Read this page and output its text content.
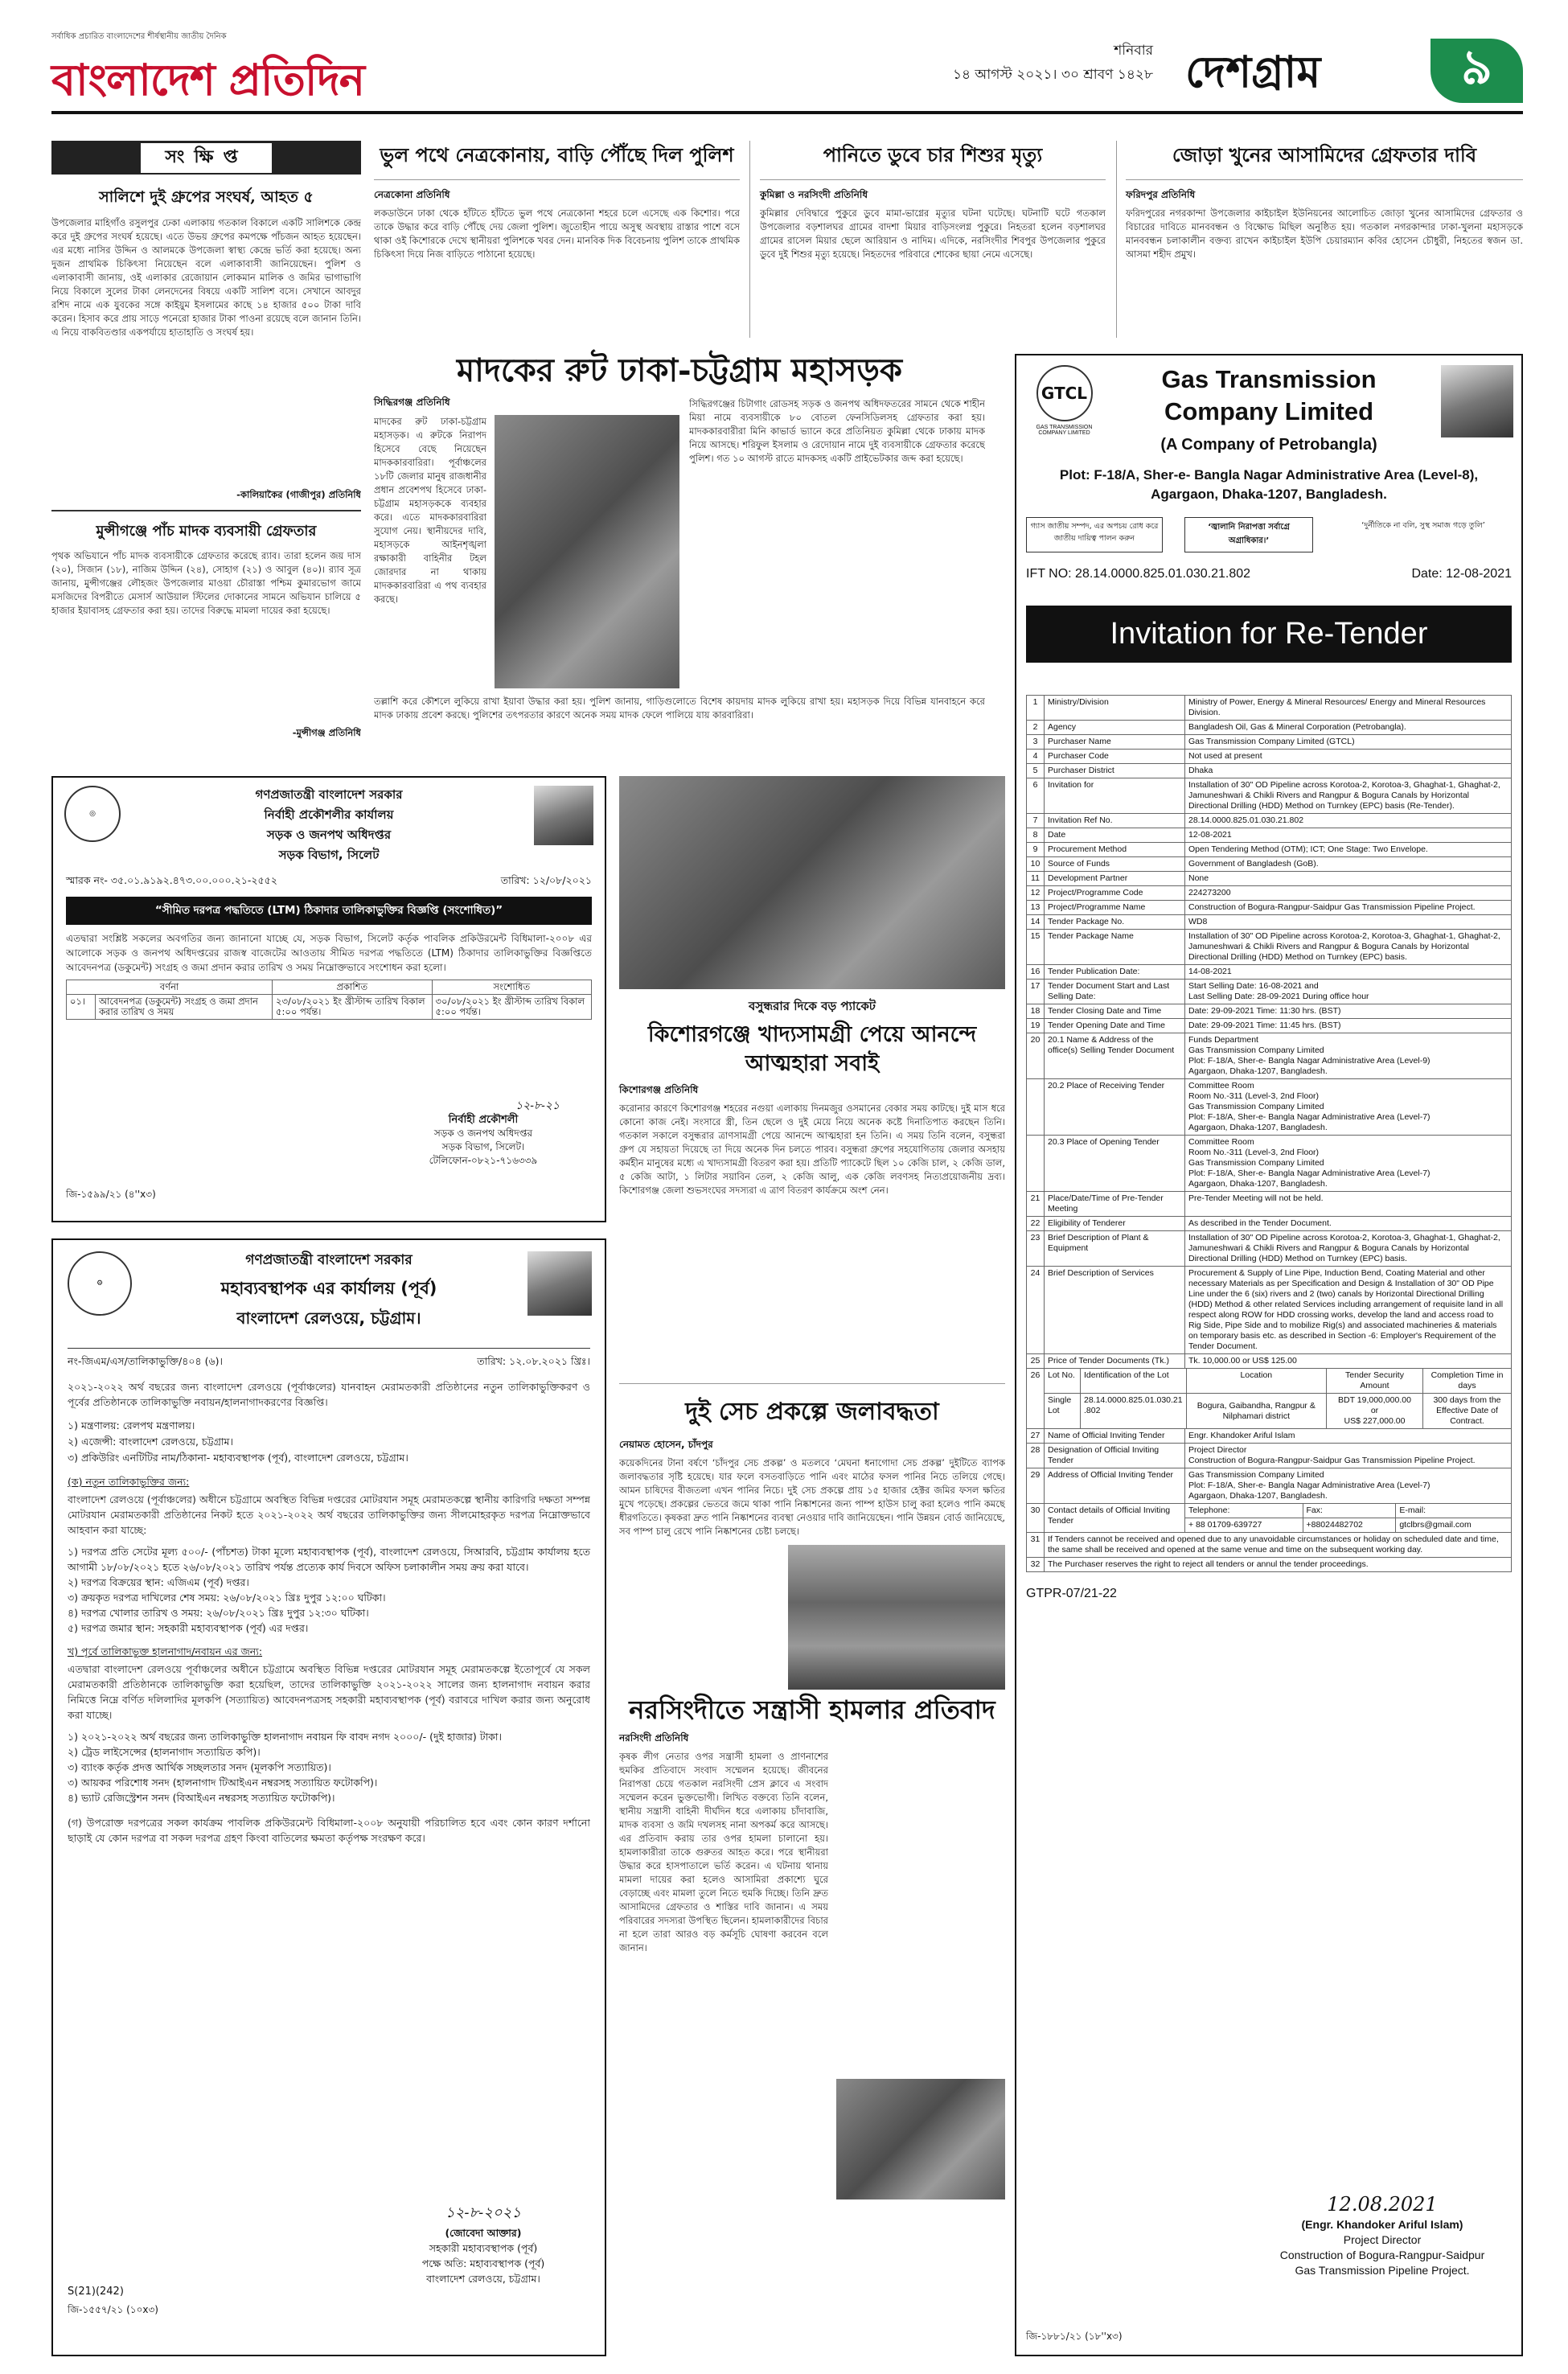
সর্বাধিক প্রচারিত বাংলাদেশের শীর্ষস্থানীয় জাতীয় দৈনিক
বাংলাদেশ প্রতিদিন
শনিবার
১৪ আগস্ট ২০২১। ৩০ শ্রাবণ ১৪২৮ দেশগ্রাম	৯
সংক্ষিপ্ত
সালিশে দুই গ্রুপের সংঘর্ষ, আহত ৫
উপজেলার মাহিগাঁও রসুলপুর ঢেকা এলাকায় গতকাল বিকালে একটি সালিশকে কেন্দ্র করে দুই গ্রুপের সংঘর্ষ হয়েছে। এতে উভয় গ্রুপের কমপক্ষে পাঁচজন আহত হয়েছেন। এর মধ্যে নাসির উদ্দিন ও আলমকে উপজেলা স্বাস্থ্য কেন্দ্রে ভর্তি করা হয়েছে। অন্য দুজন প্রাথমিক চিকিৎসা নিয়েছেন বলে এলাকাবাসী জানিয়েছেন। পুলিশ ও এলাকাবাসী জানায়, ওই এলাকার রেজোয়ান লোকমান মালিক ও জমির ভাগাভাগি নিয়ে বিকালে সুলের টাকা লেনদেনের বিষয়ে একটি সালিশ বসে। সেখানে আবদুর রশিদ নামে এক যুবকের সঙ্গে কাইয়ুম ইসলামের কাছে ১৪ হাজার ৫০০ টাকা দাবি করেন। হিসাব করে প্রায় সাড়ে পনেরো হাজার টাকা পাওনা রয়েছে বলে জানান তিনি। এ নিয়ে বাকবিতণ্ডার একপর্যায়ে হাতাহাতি ও সংঘর্ষ হয়।
-কালিয়াকৈর (গাজীপুর) প্রতিনিধি
মুন্সীগঞ্জে পাঁচ মাদক ব্যবসায়ী গ্রেফতার
পৃথক অভিযানে পাঁচ মাদক ব্যবসায়ীকে গ্রেফতার করেছে র‌্যাব। তারা হলেন জয় দাস (২০), সিজান (১৮), নাজিম উদ্দিন (২৪), সোহাগ (২১) ও আবুল (৪০)। র‌্যাব সূত্র জানায়, মুন্সীগঞ্জের লৌহজং উপজেলার মাওয়া চৌরাস্তা পশ্চিম কুমারভোগ জামে মসজিদের বিপরীতে মেসার্স আউয়াল স্টিলের দোকানের সামনে অভিযান চালিয়ে ৫ হাজার ইয়াবাসহ গ্রেফতার করা হয়। তাদের বিরুদ্ধে মামলা দায়ের করা হয়েছে।
-মুন্সীগঞ্জ প্রতিনিধি
ভুল পথে নেত্রকোনায়, বাড়ি পৌঁছে দিল পুলিশ
নেত্রকোনা প্রতিনিধি
লকডাউনে ঢাকা থেকে হাঁটতে হাঁটতে ভুল পথে নেত্রকোনা শহরে চলে এসেছে এক কিশোর। পরে তাকে উদ্ধার করে বাড়ি পৌঁছে দেয় জেলা পুলিশ। জুতোহীন পায়ে অসুস্থ অবস্থায় রাস্তার পাশে বসে থাকা ওই কিশোরকে দেখে স্থানীয়রা পুলিশকে খবর দেন। মানবিক দিক বিবেচনায় পুলিশ তাকে প্রাথমিক চিকিৎসা দিয়ে নিজ বাড়িতে পাঠানো হয়েছে।
পানিতে ডুবে চার শিশুর মৃত্যু
কুমিল্লা ও নরসিংদী প্রতিনিধি
কুমিল্লার দেবিদ্বারে পুকুরে ডুবে মামা-ভাগ্নের মৃত্যুর ঘটনা ঘটেছে। ঘটনাটি ঘটে গতকাল উপজেলার বড়শালঘর গ্রামের বাদশা মিয়ার বাড়িসংলগ্ন পুকুরে। নিহতরা হলেন বড়শালঘর গ্রামের রাসেল মিয়ার ছেলে আরিয়ান ও নাদিম। এদিকে, নরসিংদীর শিবপুর উপজেলার পুকুরে ডুবে দুই শিশুর মৃত্যু হয়েছে। নিহতদের পরিবারে শোকের ছায়া নেমে এসেছে।
জোড়া খুনের আসামিদের গ্রেফতার দাবি
ফরিদপুর প্রতিনিধি
ফরিদপুরের নগরকান্দা উপজেলার কাইচাইল ইউনিয়নের আলোচিত জোড়া খুনের আসামিদের গ্রেফতার ও বিচারের দাবিতে মানববন্ধন ও বিক্ষোভ মিছিল অনুষ্ঠিত হয়। গতকাল নগরকান্দার ঢাকা-খুলনা মহাসড়কে মানববন্ধন চলাকালীন বক্তব্য রাখেন কাইচাইল ইউপি চেয়ারম্যান কবির হোসেন চৌধুরী, নিহতের স্বজন ডা. আসমা শহীদ প্রমুখ।
মাদকের রুট ঢাকা-চট্টগ্রাম মহাসড়ক
সিদ্ধিরগঞ্জ প্রতিনিধি
মাদকের রুট ঢাকা-চট্টগ্রাম মহাসড়ক। এ রুটকে নিরাপদ হিসেবে বেছে নিয়েছেন মাদককারবারিরা। পূর্বাঞ্চলের ১৮টি জেলার মানুষ রাজধানীর প্রধান প্রবেশপথ হিসেবে ঢাকা-চট্টগ্রাম মহাসড়ককে ব্যবহার করে। এতে মাদককারবারিরা সুযোগ নেয়। স্থানীয়দের দাবি, মহাসড়কে আইনশৃঙ্খলা রক্ষাকারী বাহিনীর টহল জোরদার না থাকায় মাদককারবারিরা এ পথ ব্যবহার করছে।
সিদ্ধিরগঞ্জের চিটাগাং রোডসহ সড়ক ও জনপথ অধিদফতরের সামনে থেকে শাহীন মিয়া নামে ব্যবসায়ীকে ৮০ বোতল ফেনসিডিলসহ গ্রেফতার করা হয়। মাদককারবারীরা মিনি কাভার্ড ভ্যানে করে প্রতিনিয়ত কুমিল্লা থেকে ঢাকায় মাদক নিয়ে আসছে। শরিফুল ইসলাম ও রেদোয়ান নামে দুই ব্যবসায়ীকে গ্রেফতার করেছে পুলিশ। গত ১০ আগস্ট রাতে মাদকসহ একটি প্রাইভেটকার জব্দ করা হয়েছে।
তল্লাশি করে কৌশলে লুকিয়ে রাখা ইয়াবা উদ্ধার করা হয়। পুলিশ জানায়, গাড়িগুলোতে বিশেষ কায়দায় মাদক লুকিয়ে রাখা হয়। মহাসড়ক দিয়ে বিভিন্ন যানবাহনে করে মাদক ঢাকায় প্রবেশ করছে। পুলিশের তৎপরতার কারণে অনেক সময় মাদক ফেলে পালিয়ে যায় কারবারিরা।
◎
গণপ্রজাতন্ত্রী বাংলাদেশ সরকার
নির্বাহী প্রকৌশলীর কার্যালয়
সড়ক ও জনপথ অধিদপ্তর
সড়ক বিভাগ, সিলেট
স্মারক নং- ৩৫.০১.৯১৯২.৪৭৩.০০.০০০.২১-২৫৫২	তারিখ: ১২/০৮/২০২১
“সীমিত দরপত্র পদ্ধতিতে (LTM) ঠিকাদার তালিকাভুক্তির বিজ্ঞপ্তি (সংশোধিত)”
এতদ্বারা সংশ্লিষ্ট সকলের অবগতির জন্য জানানো যাচ্ছে যে, সড়ক বিভাগ, সিলেট কর্তৃক পাবলিক প্রকিউরমেন্ট বিধিমালা-২০০৮ এর আলোকে সড়ক ও জনপথ অধিদপ্তরের রাজস্ব বাজেটের আওতায় সীমিত দরপত্র পদ্ধতিতে (LTM) ঠিকাদার তালিকাভুক্তির বিজ্ঞপ্তিতে আবেদনপত্র (ডকুমেন্ট) সংগ্রহ ও জমা প্রদান করার তারিখ ও সময় নিম্নোক্তভাবে সংশোধন করা হলো।
বর্ণনা		প্রকাশিত	সংশোধিত
০১।	আবেদনপত্র (ডকুমেন্ট) সংগ্রহ ও জমা প্রদান করার তারিখ ও সময়	২৩/০৮/২০২১ ইং খ্রীস্টাব্দ তারিখ বিকাল ৫:০০ পর্যন্ত।	৩০/০৮/২০২১ ইং খ্রীস্টাব্দ তারিখ বিকাল ৫:০০ পর্যন্ত।
১২-৮-২১
নির্বাহী প্রকৌশলী
সড়ক ও জনপথ অধিদপ্তর
সড়ক বিভাগ, সিলেট।
টেলিফোন-০৮২১-৭১৬৩৩৯
জি-১৫৯৯/২১ (৪''x৩)
⚙
গণপ্রজাতন্ত্রী বাংলাদেশ সরকার
মহাব্যবস্থাপক এর কার্যালয় (পূর্ব)
বাংলাদেশ রেলওয়ে, চট্টগ্রাম।
নং-জিএম/এস/তালিকাভুক্তি/৪০৪ (৬)।	তারিখ: ১২.০৮.২০২১ খ্রিঃ।
২০২১-২০২২ অর্থ বছরের জন্য বাংলাদেশ রেলওয়ে (পূর্বাঞ্চলের) যানবাহন মেরামতকারী প্রতিষ্ঠানের নতুন তালিকাভুক্তিকরণ ও পূর্বের প্রতিষ্ঠানকে তালিকাভুক্তি নবায়ন/হালনাগাদকরণের বিজ্ঞপ্তি।
১) মন্ত্রণালয়: রেলপথ মন্ত্রণালয়।
২) এজেন্সী: বাংলাদেশ রেলওয়ে, চট্টগ্রাম।
৩) প্রকিউরিং এনটিটির নাম/ঠিকানা- মহাব্যবস্থাপক (পূর্ব), বাংলাদেশ রেলওয়ে, চট্টগ্রাম।
(ক) নতুন তালিকাভুক্তির জন্য:
বাংলাদেশ রেলওয়ে (পূর্বাঞ্চলের) অধীনে চট্টগ্রামে অবস্থিত বিভিন্ন দপ্তরের মোটরযান সমূহ মেরামতকল্পে স্থানীয় কারিগরি দক্ষতা সম্পন্ন মোটরযান মেরামতকারী প্রতিষ্ঠানের নিকট হতে ২০২১-২০২২ অর্থ বছরের তালিকাভুক্তির জন্য সীলমোহরকৃত দরপত্র নিম্নোক্তভাবে আহবান করা যাচ্ছে:
১) দরপত্র প্রতি সেটের মূল্য ৫০০/- (পাঁচশত) টাকা মূল্যে মহাব্যবস্থাপক (পূর্ব), বাংলাদেশ রেলওয়ে, সিআরবি, চট্টগ্রাম কার্যালয় হতে আগামী ১৮/০৮/২০২১ হতে ২৬/০৮/২০২১ তারিখ পর্যন্ত প্রত্যেক কার্য দিবসে অফিস চলাকালীন সময় ক্রয় করা যাবে।
২) দরপত্র বিক্রয়ের স্থান: এজিএম (পূর্ব) দপ্তর।
৩) ক্রয়কৃত দরপত্র দাখিলের শেষ সময়: ২৬/০৮/২০২১ খ্রিঃ দুপুর ১২:০০ ঘটিকা।
৪) দরপত্র খোলার তারিখ ও সময়: ২৬/০৮/২০২১ খ্রিঃ দুপুর ১২:৩০ ঘটিকা।
৫) দরপত্র জমার স্থান: সহকারী মহাব্যবস্থাপক (পূর্ব) এর দপ্তর।
খ) পূর্বে তালিকাভুক্ত হালনাগাদ/নবায়ন এর জন্য:
এতদ্বারা বাংলাদেশ রেলওয়ে পূর্বাঞ্চলের অধীনে চট্টগ্রামে অবস্থিত বিভিন্ন দপ্তরের মোটরযান সমূহ মেরামতকল্পে ইতোপূর্বে যে সকল মেরামতকারী প্রতিষ্ঠানকে তালিকাভুক্তি করা হয়েছিল, তাদের তালিকাভুক্তি ২০২১-২০২২ সালের জন্য হালনাগাদ নবায়ন করার নিমিত্তে নিম্নে বর্ণিত দলিলাদির মূলকপি (সত্যায়িত) আবেদনপত্রসহ সহকারী মহাব্যবস্থাপক (পূর্ব) বরাবরে দাখিল করার জন্য অনুরোধ করা যাচ্ছে।
১) ২০২১-২০২২ অর্থ বছরের জন্য তালিকাভুক্তি হালনাগাদ নবায়ন ফি বাবদ নগদ ২০০০/- (দুই হাজার) টাকা।
২) ট্রেড লাইসেন্সের (হালনাগাদ সত্যায়িত কপি)।
৩) ব্যাংক কর্তৃক প্রদত্ত আর্থিক সচ্ছলতার সনদ (মূলকপি সত্যায়িত)।
৩) আয়কর পরিশোধ সনদ (হালনাগাদ টিআইএন নম্বরসহ সত্যায়িত ফটোকপি)।
৪) ভ্যাট রেজিস্ট্রেশন সনদ (বিআইএন নম্বরসহ সত্যায়িত ফটোকপি)।
(গ) উপরোক্ত দরপত্রের সকল কার্যক্রম পাবলিক প্রকিউরমেন্ট বিধিমালা-২০০৮ অনুযায়ী পরিচালিত হবে এবং কোন কারণ দর্শানো ছাড়াই যে কোন দরপত্র বা সকল দরপত্র গ্রহণ কিংবা বাতিলের ক্ষমতা কর্তৃপক্ষ সংরক্ষণ করে।
S(21)(242)
জি-১৫৫৭/২১ (১০x৩)
১২-৮-২০২১
(জোবেদা আক্তার)
সহকারী মহাব্যবস্থাপক (পূর্ব)
পক্ষে অতি: মহাব্যবস্থাপক (পূর্ব)
বাংলাদেশ রেলওয়ে, চট্টগ্রাম।
বসুন্ধরার দিকে বড় প্যাকেট
কিশোরগঞ্জে খাদ্যসামগ্রী পেয়ে আনন্দে আত্মহারা সবাই
কিশোরগঞ্জ প্রতিনিধি
করোনার কারণে কিশোরগঞ্জ শহরের নগুয়া এলাকায় দিনমজুর ওসমানের বেকার সময় কাটছে। দুই মাস ধরে কোনো কাজ নেই। সংসারে স্ত্রী, তিন ছেলে ও দুই মেয়ে নিয়ে অনেক কষ্টে দিনাতিপাত করছেন তিনি। গতকাল সকালে বসুন্ধরার ত্রাণসামগ্রী পেয়ে আনন্দে আত্মহারা হন তিনি। এ সময় তিনি বলেন, বসুন্ধরা গ্রুপ যে সহায়তা দিয়েছে তা দিয়ে অনেক দিন চলতে পারব। বসুন্ধরা গ্রুপের সহযোগিতায় জেলার অসহায় কর্মহীন মানুষের মধ্যে এ খাদ্যসামগ্রী বিতরণ করা হয়। প্রতিটি প্যাকেটে ছিল ১০ কেজি চাল, ২ কেজি ডাল, ৫ কেজি আটা, ১ লিটার সয়াবিন তেল, ২ কেজি আলু, এক কেজি লবণসহ নিত্যপ্রয়োজনীয় দ্রব্য। কিশোরগঞ্জ জেলা শুভসংঘের সদস্যরা এ ত্রাণ বিতরণ কার্যক্রমে অংশ নেন।
দুই সেচ প্রকল্পে জলাবদ্ধতা
নেয়ামত হোসেন, চাঁদপুর
কয়েকদিনের টানা বর্ষণে ‘চাঁদপুর সেচ প্রকল্প’ ও মতলবে ‘মেঘনা ধনাগোদা সেচ প্রকল্প’ দুইটিতে ব্যাপক জলাবদ্ধতার সৃষ্টি হয়েছে। যার ফলে বসতবাড়িতে পানি এবং মাঠের ফসল পানির নিচে তলিয়ে গেছে। আমন চাষিদের বীজতলা এখন পানির নিচে। দুই সেচ প্রকল্পে প্রায় ১৫ হাজার হেক্টর জমির ফসল ক্ষতির মুখে পড়েছে। প্রকল্পের ভেতরে জমে থাকা পানি নিষ্কাশনের জন্য পাম্প হাউস চালু করা হলেও পানি কমছে ধীরগতিতে। কৃষকরা দ্রুত পানি নিষ্কাশনের ব্যবস্থা নেওয়ার দাবি জানিয়েছেন। পানি উন্নয়ন বোর্ড জানিয়েছে, সব পাম্প চালু রেখে পানি নিষ্কাশনের চেষ্টা চলছে।
নরসিংদীতে সন্ত্রাসী হামলার প্রতিবাদ
নরসিংদী প্রতিনিধি
কৃষক লীগ নেতার ওপর সন্ত্রাসী হামলা ও প্রাণনাশের হুমকির প্রতিবাদে সংবাদ সম্মেলন হয়েছে। জীবনের নিরাপত্তা চেয়ে গতকাল নরসিংদী প্রেস ক্লাবে এ সংবাদ সম্মেলন করেন ভুক্তভোগী। লিখিত বক্তব্যে তিনি বলেন, স্থানীয় সন্ত্রাসী বাহিনী দীর্ঘদিন ধরে এলাকায় চাঁদাবাজি, মাদক ব্যবসা ও জমি দখলসহ নানা অপকর্ম করে আসছে। এর প্রতিবাদ করায় তার ওপর হামলা চালানো হয়। হামলাকারীরা তাকে গুরুতর আহত করে। পরে স্থানীয়রা উদ্ধার করে হাসপাতালে ভর্তি করেন। এ ঘটনায় থানায় মামলা দায়ের করা হলেও আসামিরা প্রকাশ্যে ঘুরে বেড়াচ্ছে এবং মামলা তুলে নিতে হুমকি দিচ্ছে। তিনি দ্রুত আসামিদের গ্রেফতার ও শাস্তির দাবি জানান। এ সময় পরিবারের সদস্যরা উপস্থিত ছিলেন। হামলাকারীদের বিচার না হলে তারা আরও বড় কর্মসূচি ঘোষণা করবেন বলে জানান।
GTCL
GAS TRANSMISSION COMPANY LIMITED
Gas Transmission Company Limited
(A Company of Petrobangla)
Plot: F-18/A, Sher-e- Bangla Nagar Administrative Area (Level-8), Agargaon, Dhaka-1207, Bangladesh.
গ্যাস জাতীয় সম্পদ, এর অপচয় রোধ করে জাতীয় দায়িত্ব পালন করুন
‘জ্বালানি নিরাপত্তা সর্বাগ্রে অগ্রাধিকার।’
‘দুর্নীতিকে না বলি, সুস্থ সমাজ গড়ে তুলি’
IFT NO: 28.14.0000.825.01.030.21.802	Date: 12-08-2021
Invitation for Re-Tender
1	Ministry/Division	Ministry of Power, Energy & Mineral Resources/ Energy and Mineral Resources Division.
2	Agency	Bangladesh Oil, Gas & Mineral Corporation (Petrobangla).
3	Purchaser Name	Gas Transmission Company Limited (GTCL)
4	Purchaser Code	Not used at present
5	Purchaser District	Dhaka
6	Invitation for	Installation of 30" OD Pipeline across Korotoa-2, Korotoa-3, Ghaghat-1, Ghaghat-2, Jamuneshwari & Chikli Rivers and Rangpur & Bogura Canals by Horizontal Directional Drilling (HDD) Method on Turnkey (EPC) basis (Re-Tender).
7	Invitation Ref No.	28.14.0000.825.01.030.21.802
8	Date	12-08-2021
9	Procurement Method	Open Tendering Method (OTM); ICT; One Stage: Two Envelope.
10	Source of Funds	Government of Bangladesh (GoB).
11	Development Partner	None
12	Project/Programme Code	224273200
13	Project/Programme Name	Construction of Bogura-Rangpur-Saidpur Gas Transmission Pipeline Project.
14	Tender Package No.	WD8
15	Tender Package Name	Installation of 30" OD Pipeline across Korotoa-2, Korotoa-3, Ghaghat-1, Ghaghat-2, Jamuneshwari & Chikli Rivers and Rangpur & Bogura Canals by Horizontal Directional Drilling (HDD) Method on Turnkey (EPC) basis.
16	Tender Publication Date:	14-08-2021
17	Tender Document Start and Last Selling Date:	Start Selling Date: 16-08-2021 and
Last Selling Date: 28-09-2021 During office hour
18	Tender Closing Date and Time	Date: 29-09-2021 Time: 11:30 hrs. (BST)
19	Tender Opening Date and Time	Date: 29-09-2021 Time: 11:45 hrs. (BST)
20	20.1 Name & Address of the office(s) Selling Tender Document	Funds Department
Gas Transmission Company Limited
Plot: F-18/A, Sher-e- Bangla Nagar Administrative Area (Level-9)
Agargaon, Dhaka-1207, Bangladesh.
	20.2 Place of Receiving Tender	Committee Room
Room No.-311 (Level-3, 2nd Floor)
Gas Transmission Company Limited
Plot: F-18/A, Sher-e- Bangla Nagar Administrative Area (Level-7)
Agargaon, Dhaka-1207, Bangladesh.
	20.3 Place of Opening Tender	Committee Room
Room No.-311 (Level-3, 2nd Floor)
Gas Transmission Company Limited
Plot: F-18/A, Sher-e- Bangla Nagar Administrative Area (Level-7)
Agargaon, Dhaka-1207, Bangladesh.
21	Place/Date/Time of Pre-Tender Meeting	Pre-Tender Meeting will not be held.
22	Eligibility of Tenderer	As described in the Tender Document.
23	Brief Description of Plant & Equipment	Installation of 30" OD Pipeline across Korotoa-2, Korotoa-3, Ghaghat-1, Ghaghat-2, Jamuneshwari & Chikli Rivers and Rangpur & Bogura Canals by Horizontal Directional Drilling (HDD) Method on Turnkey (EPC) basis.
24	Brief Description of Services	Procurement & Supply of Line Pipe, Induction Bend, Coating Material and other necessary Materials as per Specification and Design & Installation of 30" OD Pipe Line under the 6 (six) rivers and 2 (two) canals by Horizontal Directional Drilling (HDD) Method & other related Services including arrangement of requisite land in all respect along ROW for HDD crossing works, develop the land and access road to Rig Side, Pipe Side and to mobilize Rig(s) and associated machineries & materials on temporary basis etc. as described in Section -6: Employer's Requirement of the Tender Document.
25	Price of Tender Documents (Tk.)	Tk. 10,000.00 or US$ 125.00
26	Lot No.	Identification of the Lot	Location	Tender Security Amount	Completion Time in days
	Single Lot	28.14.0000.825.01.030.21 .802	Bogura, Gaibandha, Rangpur & Nilphamari district	BDT 19,000,000.00
or
US$ 227,000.00	300 days from the Effective Date of Contract.
27	Name of Official Inviting Tender	Engr. Khandoker Ariful Islam
28	Designation of Official Inviting Tender	Project Director
Construction of Bogura-Rangpur-Saidpur Gas Transmission Pipeline Project.
29	Address of Official Inviting Tender	Gas Transmission Company Limited
Plot: F-18/A, Sher-e- Bangla Nagar Administrative Area (Level-7)
Agargaon, Dhaka-1207, Bangladesh.
30	Contact details of Official Inviting Tender	Telephone:	Fax:	E-mail:
		+ 88 01709-639727	+88024482702	gtclbrs@gmail.com
31	If Tenders cannot be received and opened due to any unavoidable circumstances or holiday on scheduled date and time, the same shall be received and opened at the same venue and time on the subsequent working day.
32	The Purchaser reserves the right to reject all tenders or annul the tender proceedings.
GTPR-07/21-22
12.08.2021
(Engr. Khandoker Ariful Islam)
Project Director
Construction of Bogura-Rangpur-Saidpur
Gas Transmission Pipeline Project.
জি-১৮৮১/২১ (১৮''x৩)
